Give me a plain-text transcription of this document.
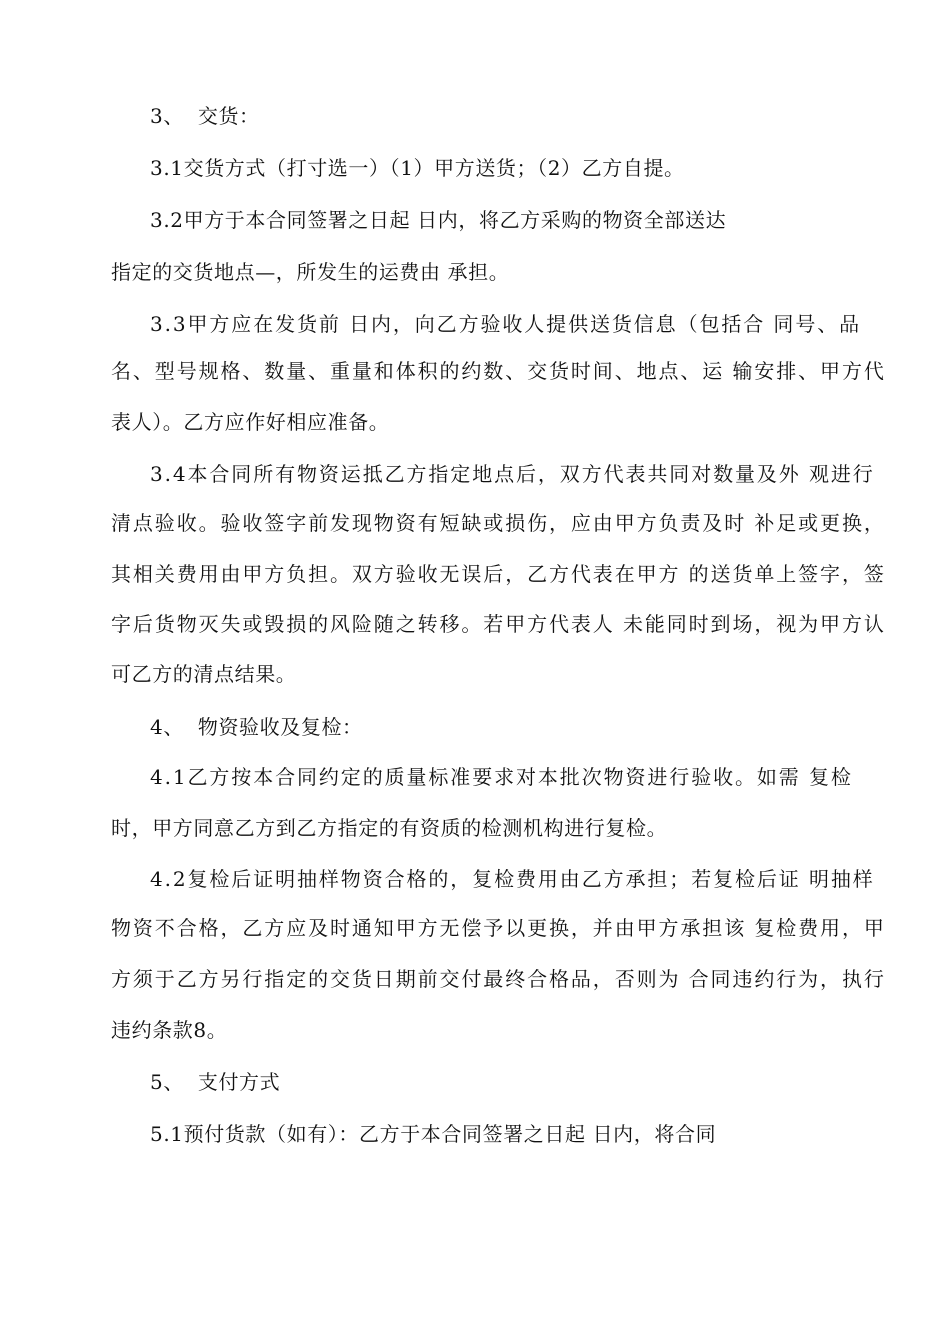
3、  交货：
3.1交货方式（打寸选一）（1）甲方送货；（2）乙方自提。
3.2甲方于本合同签署之日起 日内，将乙方采购的物资全部送达
指定的交货地点—，所发生的运费由 承担。
3.3甲方应在发货前 日内，向乙方验收人提供送货信息（包括合 同号、品
名、型号规格、数量、重量和体积的约数、交货时间、地点、运 输安排、甲方代
表人）。乙方应作好相应准备。
3.4本合同所有物资运抵乙方指定地点后，双方代表共同对数量及外 观进行
清点验收。验收签字前发现物资有短缺或损伤，应由甲方负责及时 补足或更换，
其相关费用由甲方负担。双方验收无误后，乙方代表在甲方 的送货单上签字，签
字后货物灭失或毁损的风险随之转移。若甲方代表人 未能同时到场，视为甲方认
可乙方的清点结果。
4、  物资验收及复检：
4.1乙方按本合同约定的质量标准要求对本批次物资进行验收。如需 复检
时，甲方同意乙方到乙方指定的有资质的检测机构进行复检。
4.2复检后证明抽样物资合格的，复检费用由乙方承担；若复检后证 明抽样
物资不合格，乙方应及时通知甲方无偿予以更换，并由甲方承担该 复检费用，甲
方须于乙方另行指定的交货日期前交付最终合格品，否则为 合同违约行为，执行
违约条款8。
5、  支付方式
5.1预付货款（如有）：乙方于本合同签署之日起 日内，将合同
